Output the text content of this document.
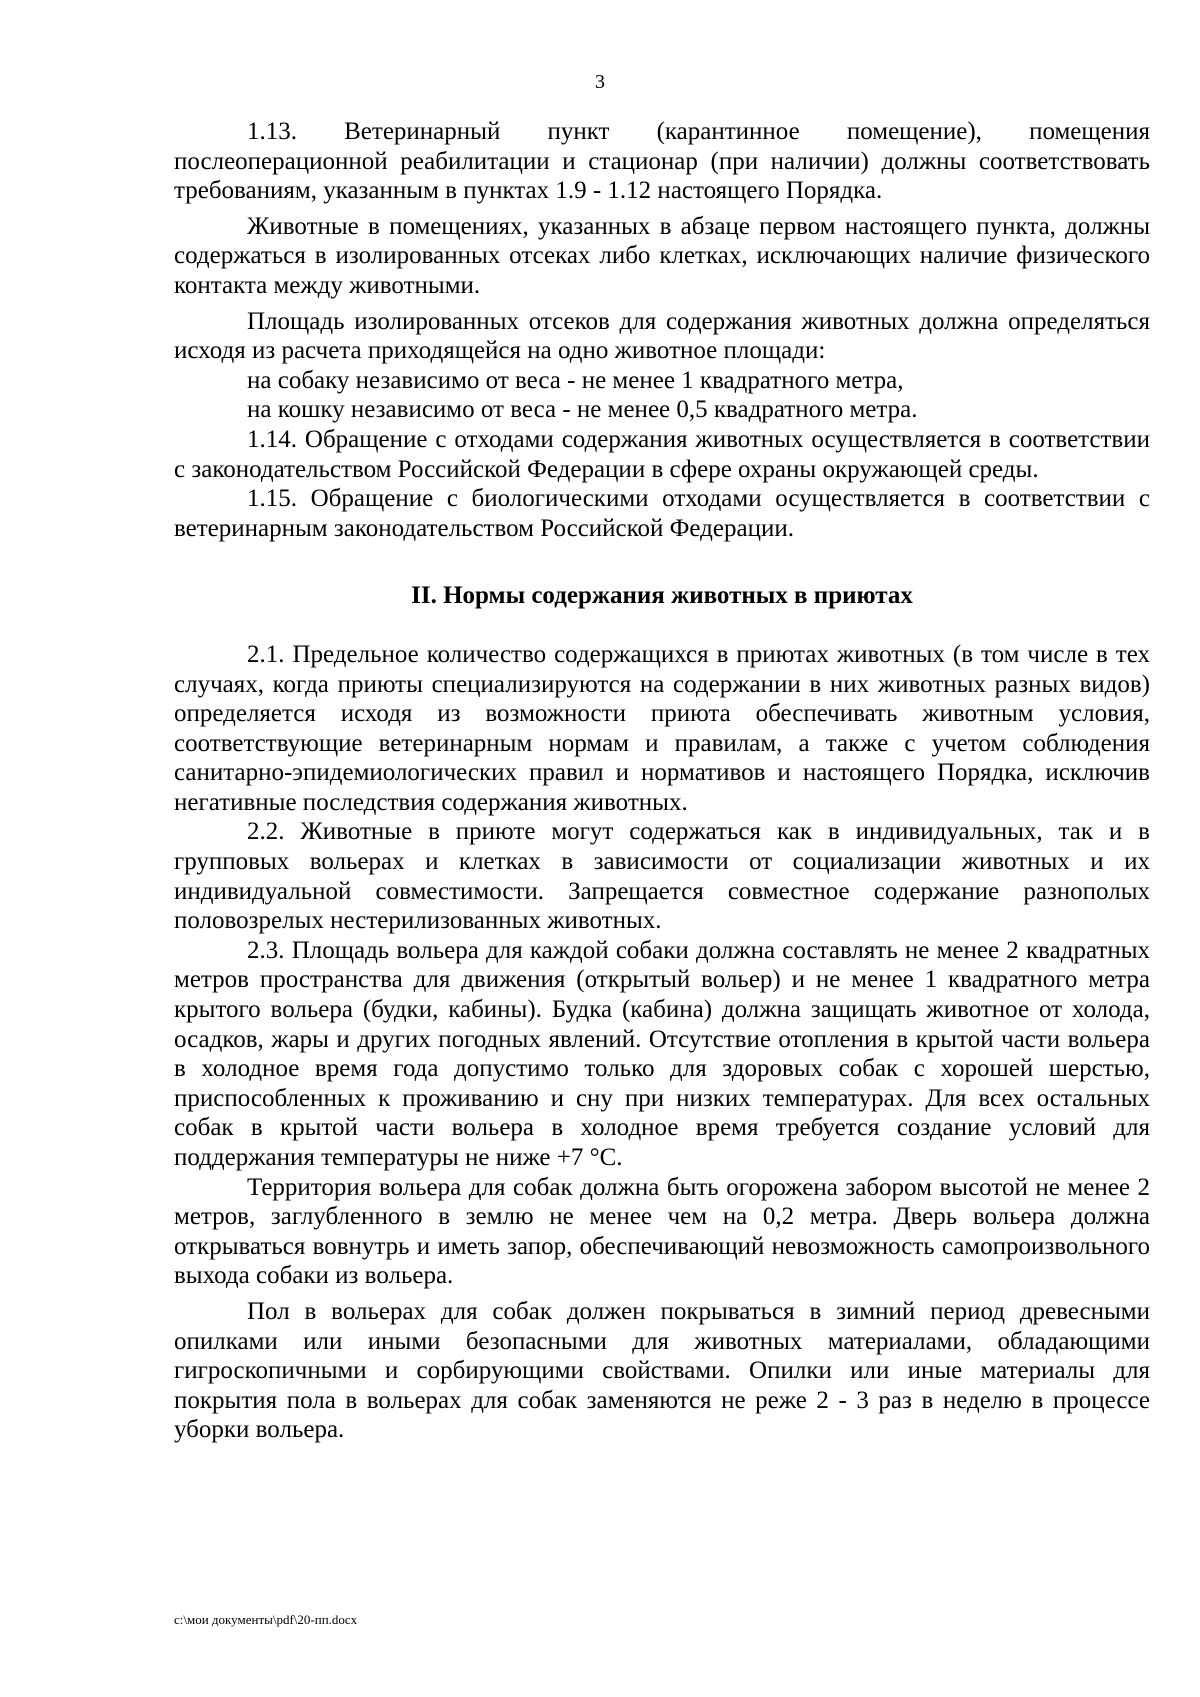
3

1.13. Ветеринарный пункт (карантинное помещение), помещения послеоперационной реабилитации и стационар (при наличии) должны соответствовать требованиям, указанным в пунктах 1.9 - 1.12 настоящего Порядка.

Животные в помещениях, указанных в абзаце первом настоящего пункта, должны содержаться в изолированных отсеках либо клетках, исключающих наличие физического контакта между животными.

Площадь изолированных отсеков для содержания животных должна определяться исходя из расчета приходящейся на одно животное площади:

на собаку независимо от веса - не менее 1 квадратного метра,

на кошку независимо от веса - не менее 0,5 квадратного метра.

1.14. Обращение с отходами содержания животных осуществляется в соответствии с законодательством Российской Федерации в сфере охраны окружающей среды.

1.15. Обращение с биологическими отходами осуществляется в соответствии с ветеринарным законодательством Российской Федерации.

II. Нормы содержания животных в приютах

2.1. Предельное количество содержащихся в приютах животных (в том числе в тех случаях, когда приюты специализируются на содержании в них животных разных видов) определяется исходя из возможности приюта обеспечивать животным условия, соответствующие ветеринарным нормам и правилам, а также с учетом соблюдения санитарно-эпидемиологических правил и нормативов и настоящего Порядка, исключив негативные последствия содержания животных.

2.2. Животные в приюте могут содержаться как в индивидуальных, так и в групповых вольерах и клетках в зависимости от социализации животных и их индивидуальной совместимости. Запрещается совместное содержание разнополых половозрелых нестерилизованных животных.

2.3. Площадь вольера для каждой собаки должна составлять не менее 2 квадратных метров пространства для движения (открытый вольер) и не менее 1 квадратного метра крытого вольера (будки, кабины). Будка (кабина) должна защищать животное от холода, осадков, жары и других погодных явлений. Отсутствие отопления в крытой части вольера в холодное время года допустимо только для здоровых собак с хорошей шерстью, приспособленных к проживанию и сну при низких температурах. Для всех остальных собак в крытой части вольера в холодное время требуется создание условий для поддержания температуры не ниже +7 °С.

Территория вольера для собак должна быть огорожена забором высотой не менее 2 метров, заглубленного в землю не менее чем на 0,2 метра. Дверь вольера должна открываться вовнутрь и иметь запор, обеспечивающий невозможность самопроизвольного выхода собаки из вольера.

Пол в вольерах для собак должен покрываться в зимний период древесными опилками или иными безопасными для животных материалами, обладающими гигроскопичными и сорбирующими свойствами. Опилки или иные материалы для покрытия пола в вольерах для собак заменяются не реже 2 - 3 раз в неделю в процессе уборки вольера.

c:\мои документы\pdf\20-пп.docx
